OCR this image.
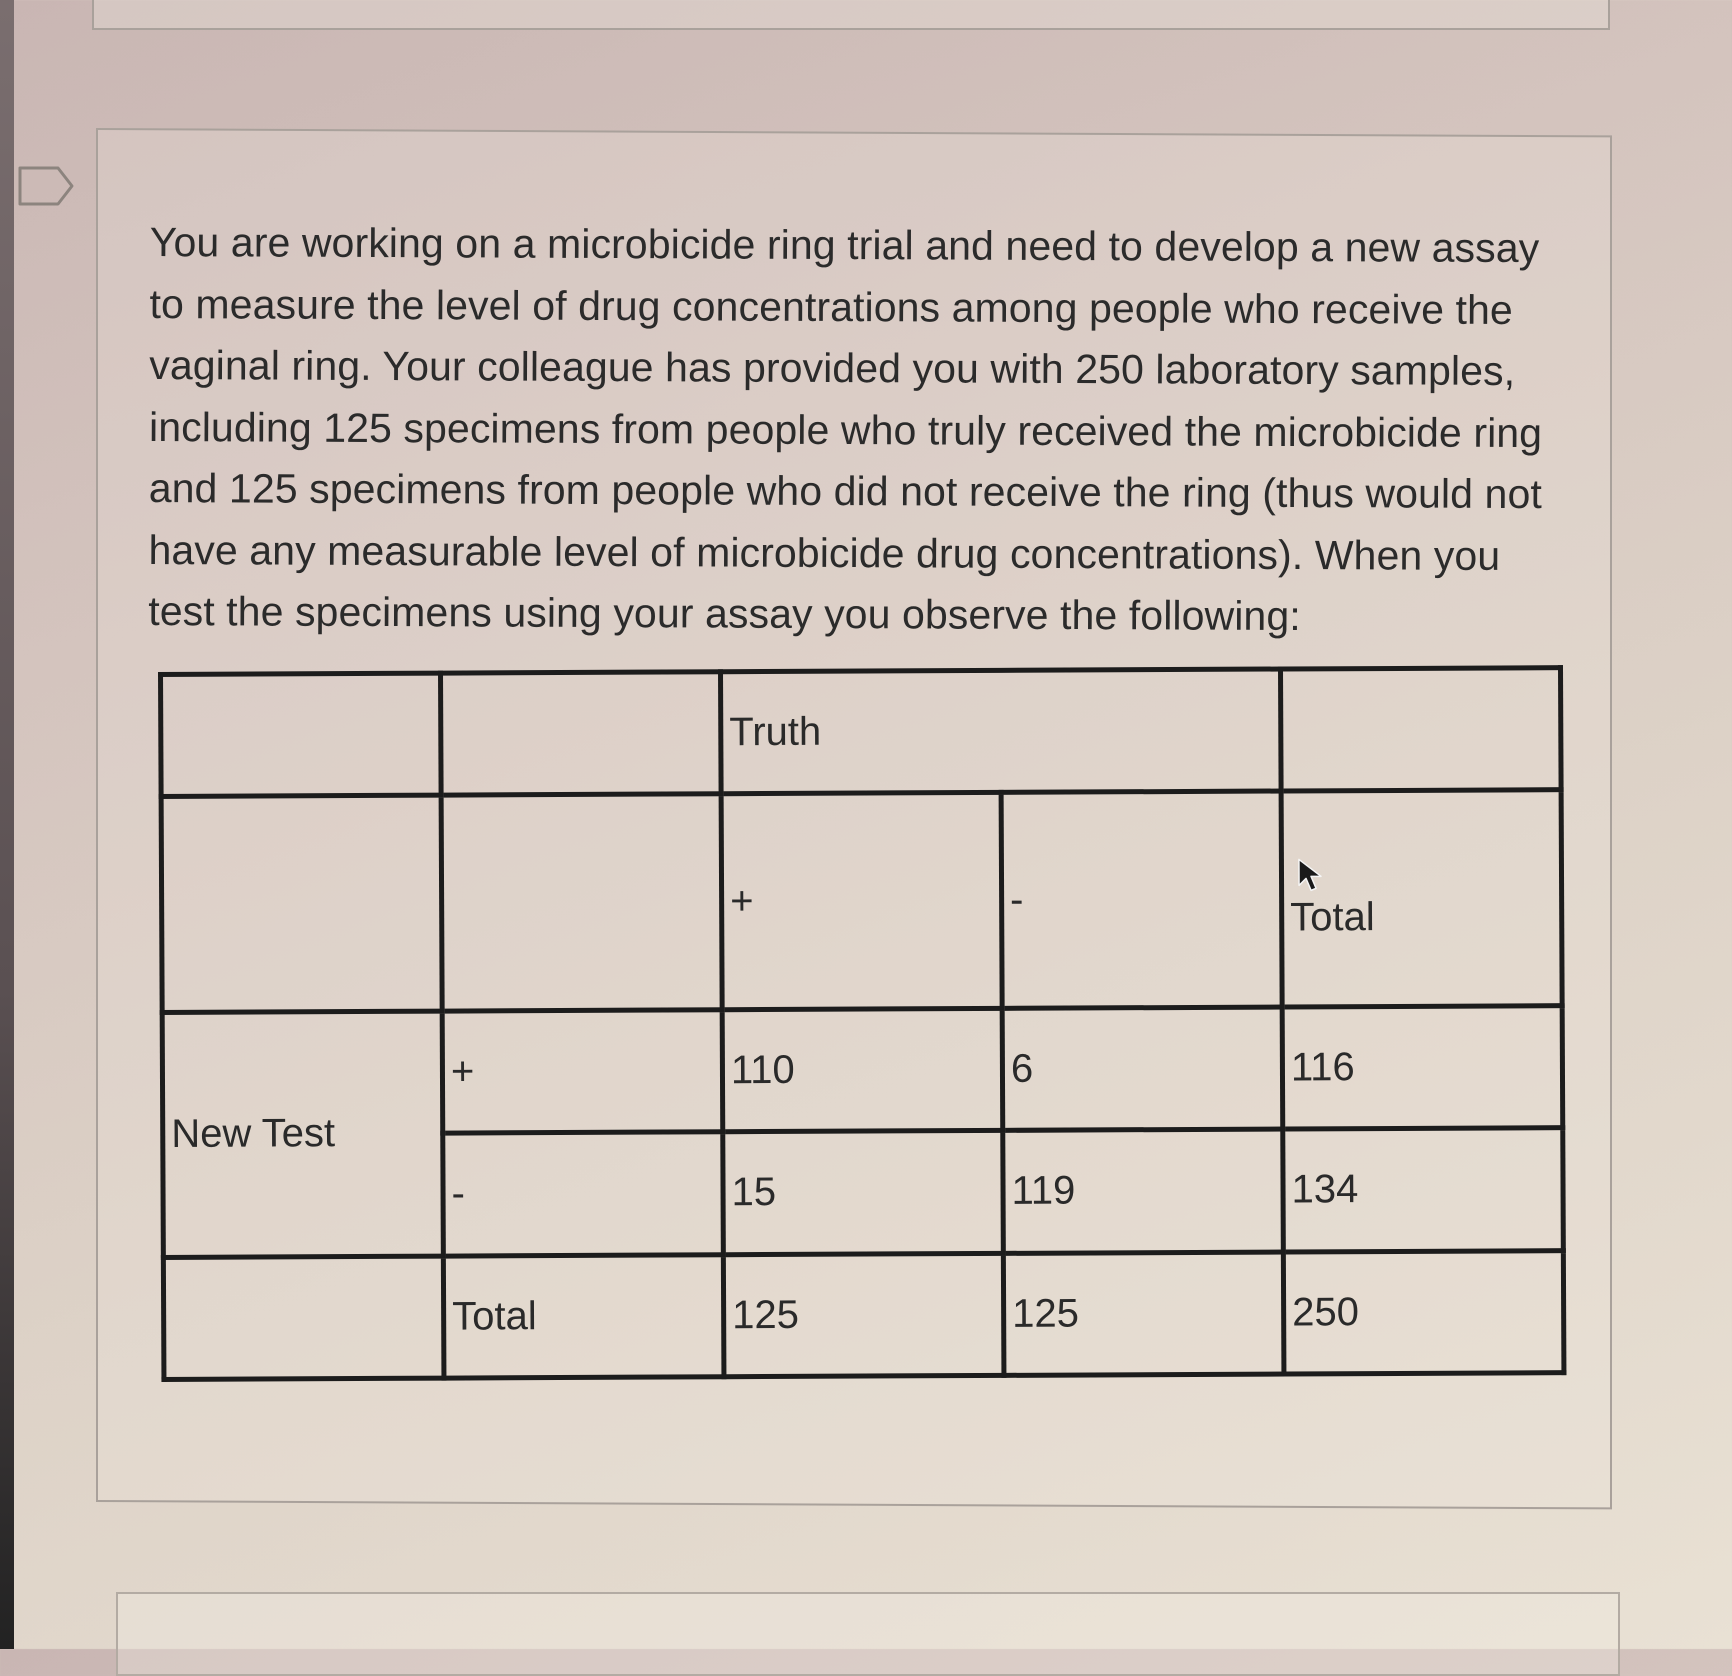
You are working on a microbicide ring trial and need to develop a new assay to measure the level of drug concentrations among people who receive the vaginal ring. Your colleague has provided you with 250 laboratory samples, including 125 specimens from people who truly received the microbicide ring and 125 specimens from people who did not receive the ring (thus would not have any measurable level of microbicide drug concentrations). When you test the specimens using your assay you observe the following:

		Truth		
		+	-	Total
New Test	+	110	6	116
	-	15	119	134
	Total	125	125	250
